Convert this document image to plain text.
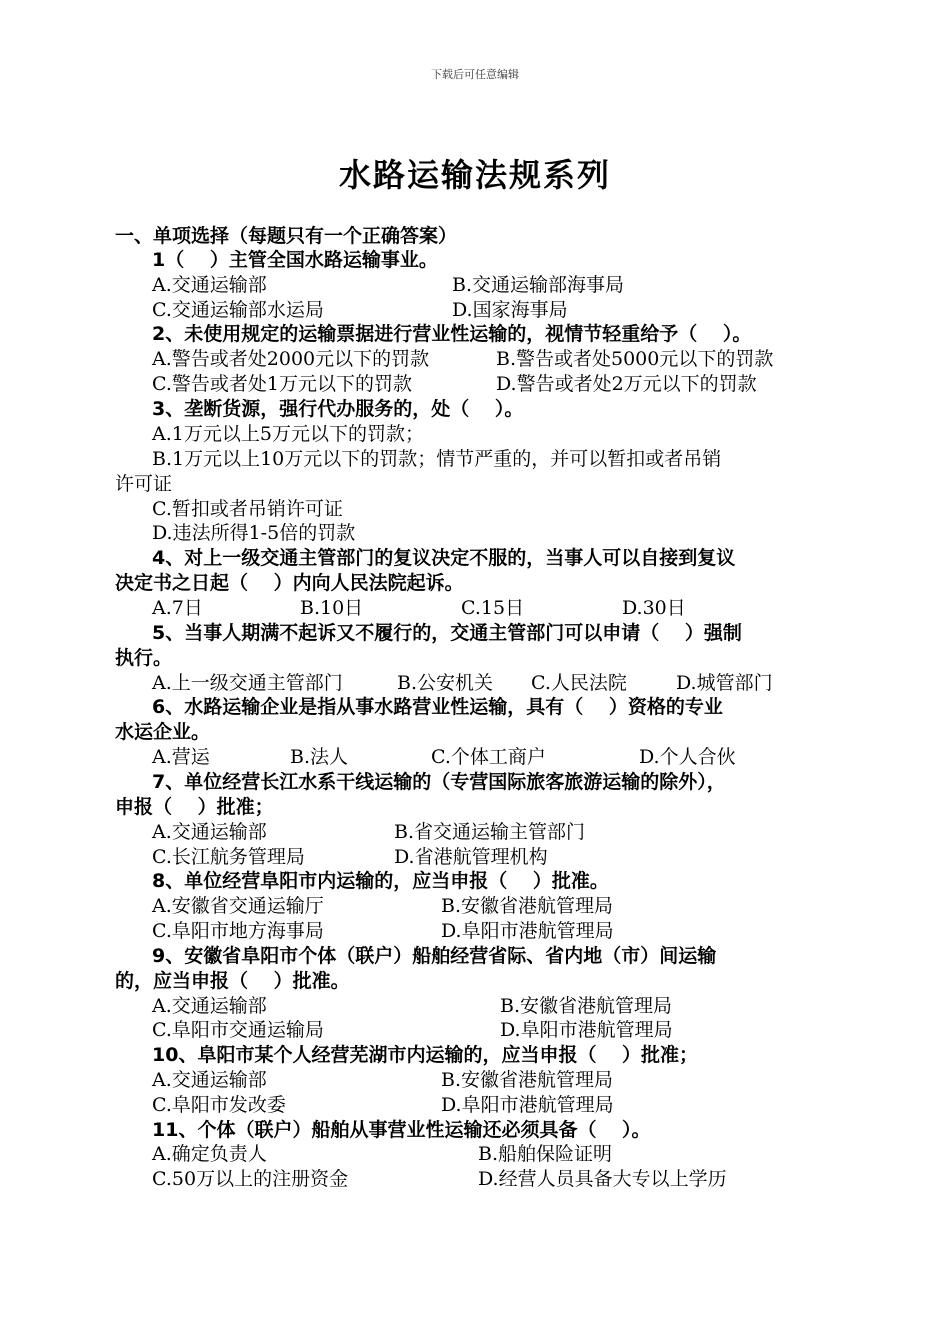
下载后可任意编辑
水路运输法规系列
一、单项选择（每题只有一个正确答案）
1（　 ）主管全国水路运输事业。
A.交通运输部	B.交通运输部海事局
C.交通运输部水运局	D.国家海事局
2、未使用规定的运输票据进行营业性运输的，视情节轻重给予（　 ）。
A.警告或者处2000元以下的罚款	B.警告或者处5000元以下的罚款
C.警告或者处1万元以下的罚款	D.警告或者处2万元以下的罚款
3、垄断货源，强行代办服务的，处（　 ）。
A.1万元以上5万元以下的罚款；
B.1万元以上10万元以下的罚款；情节严重的，并可以暂扣或者吊销
许可证
C.暂扣或者吊销许可证
D.违法所得1-5倍的罚款
4、对上一级交通主管部门的复议决定不服的，当事人可以自接到复议
决定书之日起（　 ）内向人民法院起诉。
A.7日	B.10日	C.15日	D.30日
5、当事人期满不起诉又不履行的，交通主管部门可以申请（　 ）强制
执行。
A.上一级交通主管部门	B.公安机关 C.人民法院	D.城管部门
6、水路运输企业是指从事水路营业性运输，具有（　 ）资格的专业
水运企业。
A.营运	B.法人	C.个体工商户	D.个人合伙
7、单位经营长江水系干线运输的（专营国际旅客旅游运输的除外），
申报（　 ）批准；
A.交通运输部	B.省交通运输主管部门
C.长江航务管理局	D.省港航管理机构
8、单位经营阜阳市内运输的，应当申报（　 ）批准。
A.安徽省交通运输厅	B.安徽省港航管理局
C.阜阳市地方海事局	D.阜阳市港航管理局
9、安徽省阜阳市个体（联户）船舶经营省际、省内地（市）间运输
的，应当申报（　 ）批准。
A.交通运输部	B.安徽省港航管理局
C.阜阳市交通运输局	D.阜阳市港航管理局
10、阜阳市某个人经营芜湖市内运输的，应当申报（　 ）批准；
A.交通运输部	B.安徽省港航管理局
C.阜阳市发改委	D.阜阳市港航管理局
11、个体（联户）船舶从事营业性运输还必须具备（　 ）。
A.确定负责人	B.船舶保险证明
C.50万以上的注册资金	D.经营人员具备大专以上学历
